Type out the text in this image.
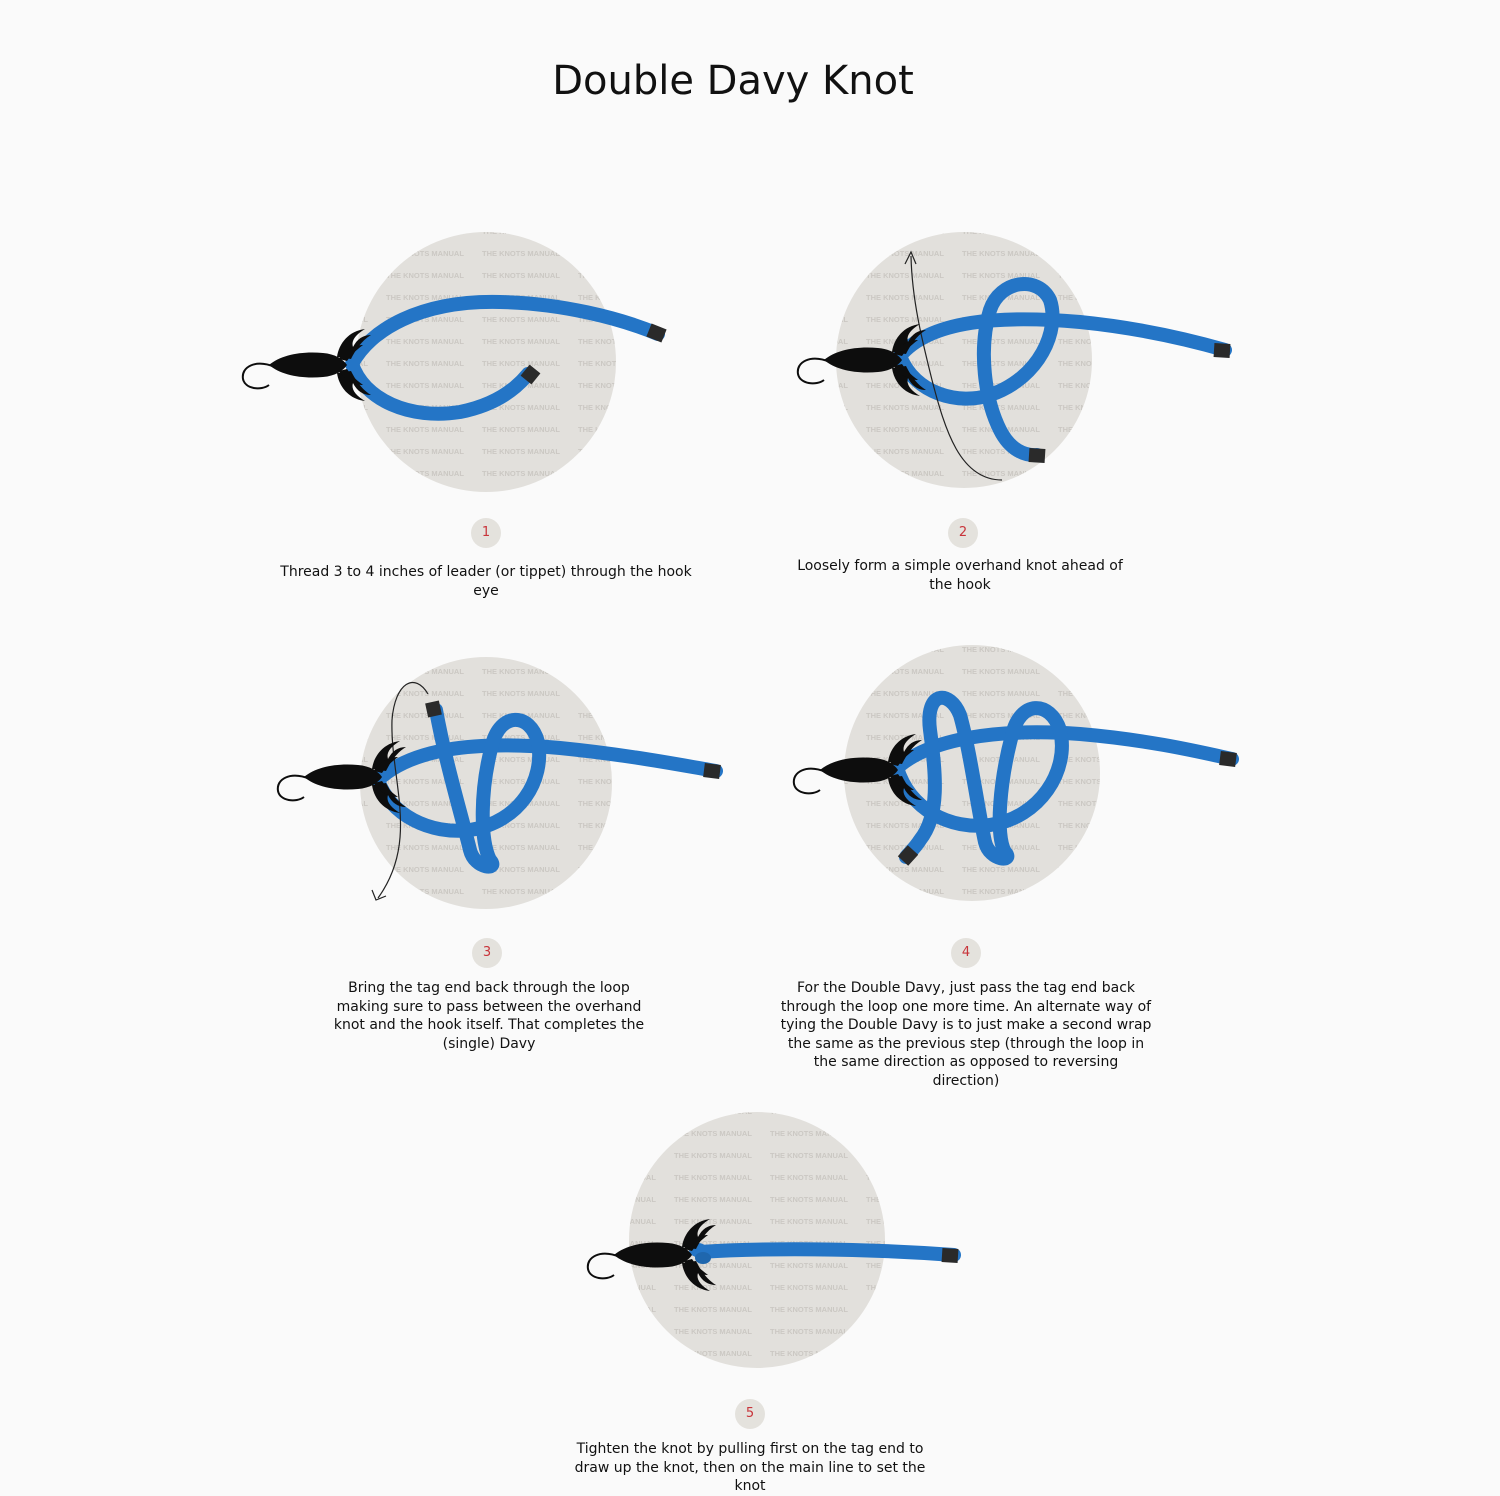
Double Davy Knot
1
Thread 3 to 4 inches of leader (or tippet) through the hook eye
2
Loosely form a simple overhand knot ahead of the hook
3
Bring the tag end back through the loop making sure to pass between the overhand knot and the hook itself. That completes the (single) Davy
4
For the Double Davy, just pass the tag end back through the loop one more time. An alternate way of tying the Double Davy is to just make a second wrap the same as the previous step (through the loop in the same direction as opposed to reversing direction)
5
Tighten the knot by pulling first on the tag end to draw up the knot, then on the main line to set the knot
